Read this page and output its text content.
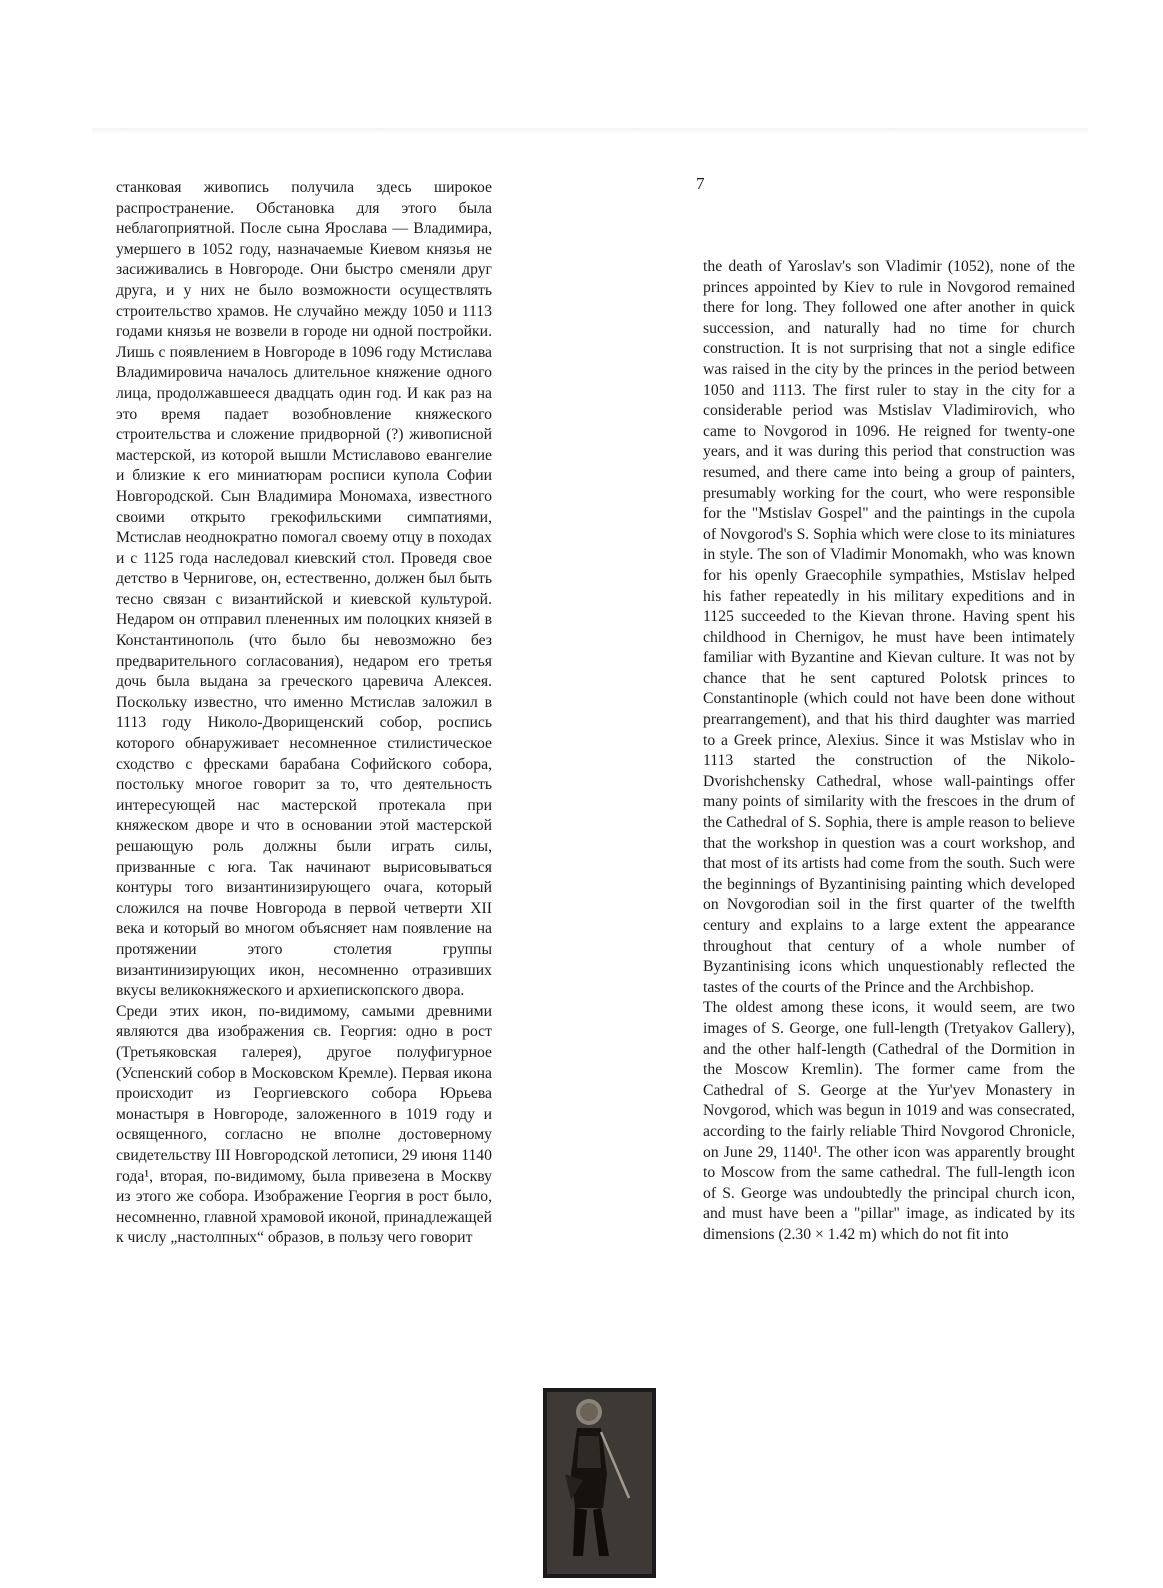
станковая живопись получила здесь широкое распространение. Обстановка для этого была неблагоприятной. После сына Ярослава — Владимира, умершего в 1052 году, назначаемые Киевом князья не засиживались в Новгороде. Они быстро сменяли друг друга, и у них не было возможности осуществлять строительство храмов. Не случайно между 1050 и 1113 годами князья не возвели в городе ни одной постройки. Лишь с появлением в Новгороде в 1096 году Мстислава Владимировича началось длительное княжение одного лица, продолжавшееся двадцать один год. И как раз на это время падает возобновление княжеского строительства и сложение придворной (?) живописной мастерской, из которой вышли Мстиславово евангелие и близкие к его миниатюрам росписи купола Софии Новгородской. Сын Владимира Мономаха, известного своими открыто грекофильскими симпатиями, Мстислав неоднократно помогал своему отцу в походах и с 1125 года наследовал киевский стол. Проведя свое детство в Чернигове, он, естественно, должен был быть тесно связан с византийской и киевской культурой. Недаром он отправил плененных им полоцких князей в Константинополь (что было бы невозможно без предварительного согласования), недаром его третья дочь была выдана за греческого царевича Алексея. Поскольку известно, что именно Мстислав заложил в 1113 году Николо-Дворищенский собор, роспись которого обнаруживает несомненное стилистическое сходство с фресками барабана Софийского собора, постольку многое говорит за то, что деятельность интересующей нас мастерской протекала при княжеском дворе и что в основании этой мастерской решающую роль должны были играть силы, призванные с юга. Так начинают вырисовываться контуры того византинизирующего очага, который сложился на почве Новгорода в первой четверти XII века и который во многом объясняет нам появление на протяжении этого столетия группы византинизирующих икон, несомненно отразивших вкусы великокняжеского и архиепископского двора.

Среди этих икон, по-видимому, самыми древними являются два изображения св. Георгия: одно в рост (Третьяковская галерея), другое полуфигурное (Успенский собор в Московском Кремле). Первая икона происходит из Георгиевского собора Юрьева монастыря в Новгороде, заложенного в 1019 году и освященного, согласно не вполне достоверному свидетельству III Новгородской летописи, 29 июня 1140 года¹, вторая, по-видимому, была привезена в Москву из этого же собора. Изображение Георгия в рост было, несомненно, главной храмовой иконой, принадлежащей к числу „настолпных“ образов, в пользу чего говорит

7

the death of Yaroslav's son Vladimir (1052), none of the princes appointed by Kiev to rule in Novgorod remained there for long. They followed one after another in quick succession, and naturally had no time for church construction. It is not surprising that not a single edifice was raised in the city by the princes in the period between 1050 and 1113. The first ruler to stay in the city for a considerable period was Mstislav Vladimirovich, who came to Novgorod in 1096. He reigned for twenty-one years, and it was during this period that construction was resumed, and there came into being a group of painters, presumably working for the court, who were responsible for the "Mstislav Gospel" and the paintings in the cupola of Novgorod's S. Sophia which were close to its miniatures in style. The son of Vladimir Monomakh, who was known for his openly Graecophile sympathies, Mstislav helped his father repeatedly in his military expeditions and in 1125 succeeded to the Kievan throne. Having spent his childhood in Chernigov, he must have been intimately familiar with Byzantine and Kievan culture. It was not by chance that he sent captured Polotsk princes to Constantinople (which could not have been done without prearrangement), and that his third daughter was married to a Greek prince, Alexius. Since it was Mstislav who in 1113 started the construction of the Nikolo-Dvorishchensky Cathedral, whose wall-paintings offer many points of similarity with the frescoes in the drum of the Cathedral of S. Sophia, there is ample reason to believe that the workshop in question was a court workshop, and that most of its artists had come from the south. Such were the beginnings of Byzantinising painting which developed on Novgorodian soil in the first quarter of the twelfth century and explains to a large extent the appearance throughout that century of a whole number of Byzantinising icons which unquestionably reflected the tastes of the courts of the Prince and the Archbishop.

The oldest among these icons, it would seem, are two images of S. George, one full-length (Tretyakov Gallery), and the other half-length (Cathedral of the Dormition in the Moscow Kremlin). The former came from the Cathedral of S. George at the Yur'yev Monastery in Novgorod, which was begun in 1019 and was consecrated, according to the fairly reliable Third Novgorod Chronicle, on June 29, 1140¹. The other icon was apparently brought to Moscow from the same cathedral. The full-length icon of S. George was undoubtedly the principal church icon, and must have been a "pillar" image, as indicated by its dimensions (2.30 × 1.42 m) which do not fit into

3
